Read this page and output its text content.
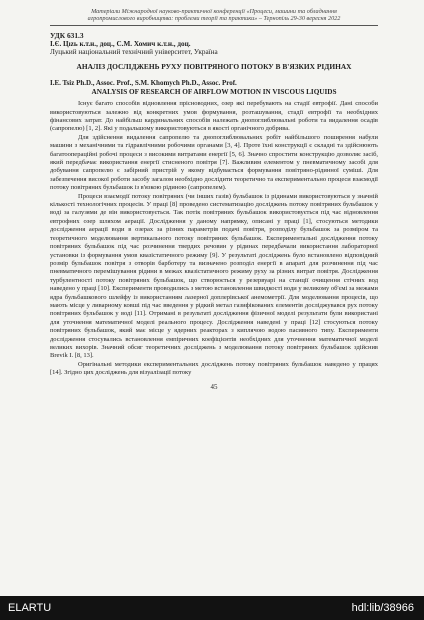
Матеріали Міжнародної науково-практичної конференції «Процеси, машини та обладнання
агропромислового виробництва: проблеми теорії та практики» – Тернопіль 29-30 вересня 2022
УДК 631.3
І.Є. Цızь к.т.н., доц., С.М. Хомич к.т.н., доц.
Луцький національний технічний університет, Україна
АНАЛІЗ ДОСЛІДЖЕНЬ РУХУ ПОВІТРЯНОГО ПОТОКУ В В'ЯЗКИХ РІДИНАХ
I.E. Tsiz Ph.D., Assoc. Prof., S.M. Khomych Ph.D., Assoc. Prof.
ANALYSIS OF RESEARCH OF AIRFLOW MOTION IN VISCOUS LIQUIDS

Існує багато способів відновлення прісноводних, озер які перебувають на стадії евтрофії. Дані способи використовуються залежно від конкретних умов формування, розташування, стадії евтрофії та необхідних фінансових затрат. До найбільш кардинальних способів належать днопоглиблювальні роботи та видалення осадів (сапропелю) [1, 2]. Які у подальшому використовуються в якості органічного добрива.

Для здійснення видалення сапропелю та днопоглиблювальних робіт найбільшого поширення набули машини з механічними та гідравлічними робочими органами [3, 4]. Проте їхні конструкції є складні та здійснюють багатоопераційні робочі процеси з високими витратами енергії [5, 6]. Значно спростити конструкцію дозволяє засіб, який передбачає використання енергії стисненого повітря [7]. Важливим елементом у пневматичному засобі для добування сапропелю є забірний пристрій у якому відбувається формування повітряно-рідинної суміші. Для забезпечення високої роботи засобу загалом необхідно дослідити теоретично та експериментально процеси взаємодії потоку повітряних бульбашок із в'язкою рідиною (сапропелем).

Процеси взаємодії потоку повітряних (чи інших газів) бульбашок із рідинами використовуються у значній кількості технологічних процесів. У праці [8] проведено систематизацію досліджень потоку повітряних бульбашок у воді за галузями де він використовується. Так потік повітряних бульбашок використовується під час відновлення евтрофних озер шляхом аерації. Дослідження у даному напрямку, описані у праці [1], стосуються методики дослідження аерації води в озерах за різних параметрів подачі повітря, розподілу бульбашок за розміром та теоретичного моделювання вертикального потоку повітряних бульбашок. Експериментальні дослідження потоку повітряних бульбашок під час розчинення твердих речовин у рідинах передбачали використання лабораторної установки із формування умов квазістатичного режиму [9]. У результаті досліджень було встановлено відповідний розмір бульбашок повітря з отворів барботеру та визначено розподіл енергії в апараті для розчинення під час пневматичного перемішування рідини в межах квазістатичного режиму руху за різних витрат повітря. Дослідження турбулентності потоку повітряних бульбашок, що створюється у резервуарі на станції очищення стічних вод наведено у праці [10]. Експерименти проводились з метою встановлення швидкості води у великому об'ємі за межами ядра бульбашкового шлейфу із використанням лазерної доплерівської анемометрії. Для моделювання процесів, що мають місце у ливарному ковші під час введення у рідкий метал газифікованих елементів досліджувався рух потоку повітряних бульбашок у воді [11]. Отримані в результаті дослідження фізичної моделі результати були використані для уточнення математичної моделі реального процесу. Дослідження наведені у праці [12] стосуються потоку повітряних бульбашок, який має місце у ядерних реакторах з киплячою водою пасивного типу. Експерименти дослідження стосувались встановлення емпіричних коефіцієнтів необхідних для уточнення математичної моделі великих вихорів. Значний обсяг теоретичних досліджень з моделювання потоку повітряних бульбашок здійснив Brevik I. [8, 13].

Оригінальні методики експериментальних досліджень потоку повітряних бульбашок наведено у працях [14]. Згідно цих досліджень для візуалізації потоку

45
ELARTU	hdl:lib/38966
